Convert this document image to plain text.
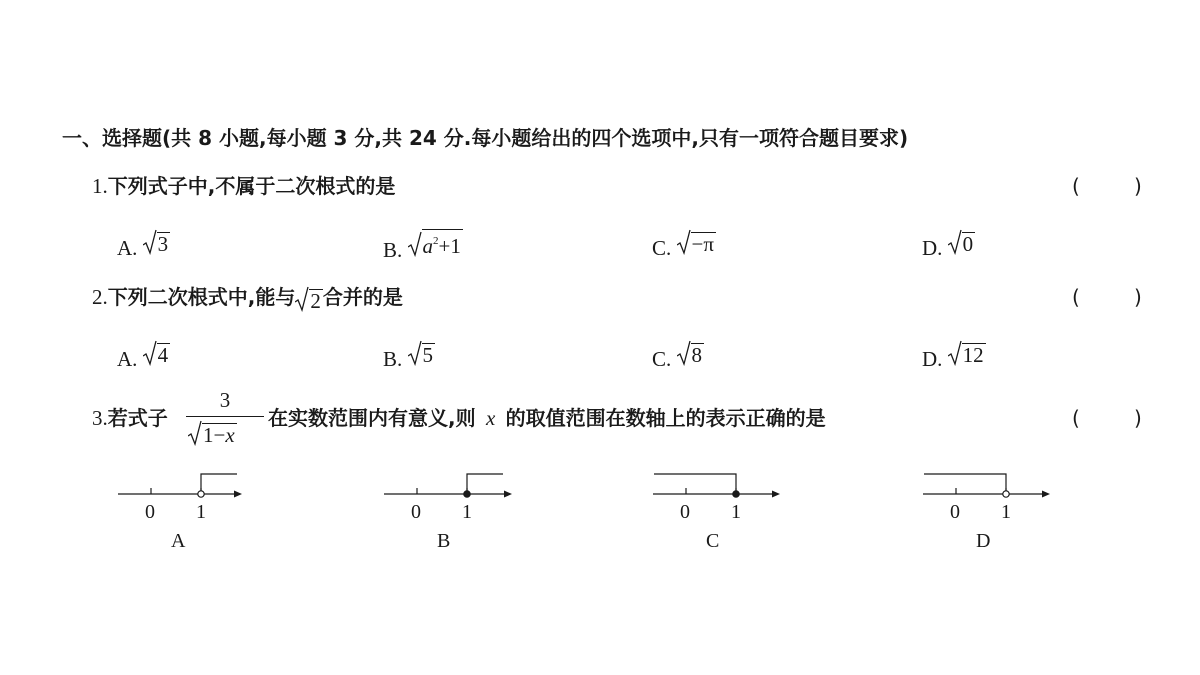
一、选择题(共 8 小题,每小题 3 分,共 24 分.每小题给出的四个选项中,只有一项符合题目要求)
1.下列式子中,不属于二次根式的是	(	)
A. 3	B. $a^2+1$	C. −π	D. 0
2.下列二次根式中,能与 2 合并的是	(	)
A. 4	B. 5	C. 8	D. 12
3.若式子
3
1−x
在实数范围内有意义,则 x 的取值范围在数轴上的表示正确的是	(	)
0 1
A
0 1
B
0 1
C
0 1
D
